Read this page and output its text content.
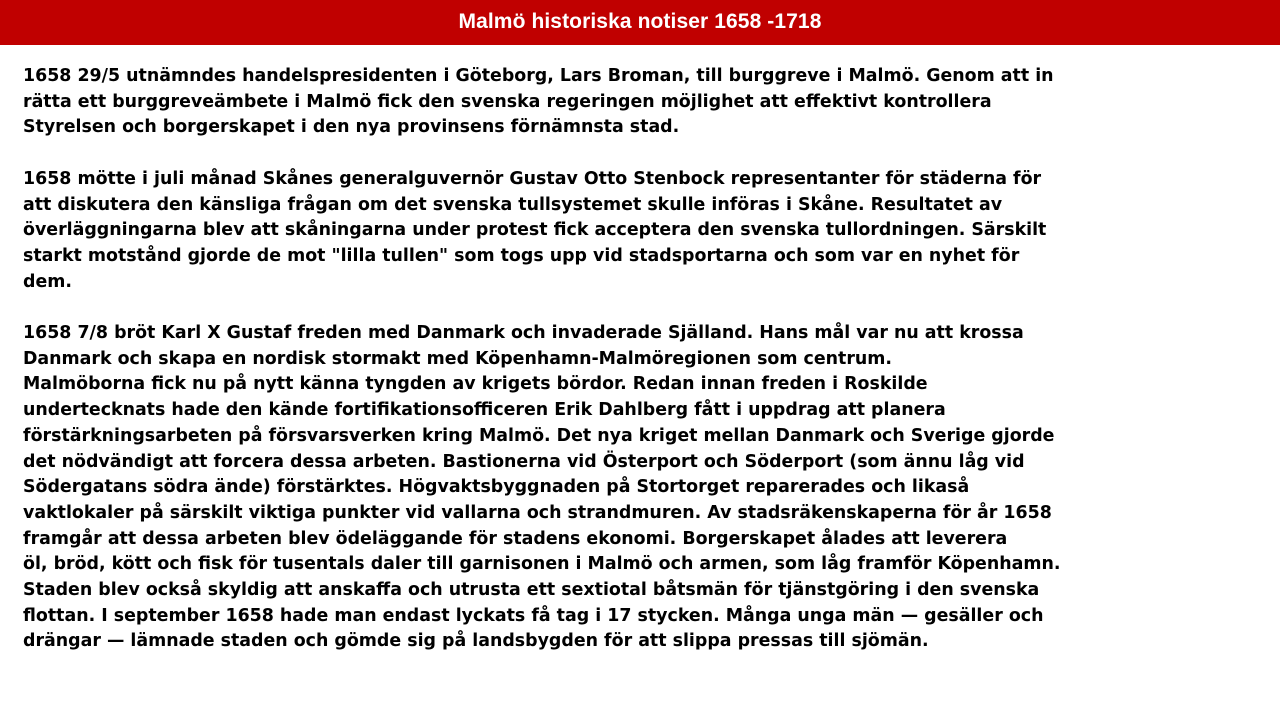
Malmö historiska notiser 1658 -1718

1658 29/5 utnämndes handelspresidenten i Göteborg, Lars Broman, till burggreve i Malmö. Genom att in

rätta ett burggreveämbete i Malmö fick den svenska regeringen möjlighet att effektivt kontrollera

Styrelsen och borgerskapet i den nya provinsens förnämnsta stad.

1658 mötte i juli månad Skånes generalguvernör Gustav Otto Stenbock representanter för städerna för

att diskutera den känsliga frågan om det svenska tullsystemet skulle införas i Skåne. Resultatet av

överläggningarna blev att skåningarna under protest fick acceptera den svenska tullordningen. Särskilt

starkt motstånd gjorde de mot "lilla tullen" som togs upp vid stadsportarna och som var en nyhet för

dem.

1658 7/8 bröt Karl X Gustaf freden med Danmark och invaderade Själland. Hans mål var nu att krossa

Danmark och skapa en nordisk stormakt med Köpenhamn-Malmöregionen som centrum.

Malmöborna fick nu på nytt känna tyngden av krigets bördor. Redan innan freden i Roskilde

undertecknats hade den kände fortifikationsofficeren Erik Dahlberg fått i uppdrag att planera

förstärkningsarbeten på försvarsverken kring Malmö. Det nya kriget mellan Danmark och Sverige gjorde

det nödvändigt att forcera dessa arbeten. Bastionerna vid Österport och Söderport (som ännu låg vid

Södergatans södra ände) förstärktes. Högvaktsbyggnaden på Stortorget reparerades och likaså

vaktlokaler på särskilt viktiga punkter vid vallarna och strandmuren. Av stadsräkenskaperna för år 1658

framgår att dessa arbeten blev ödeläggande för stadens ekonomi. Borgerskapet ålades att leverera

öl, bröd, kött och fisk för tusentals daler till garnisonen i Malmö och armen, som låg framför Köpenhamn.

Staden blev också skyldig att anskaffa och utrusta ett sextiotal båtsmän för tjänstgöring i den svenska

flottan. I september 1658 hade man endast lyckats få tag i 17 stycken. Många unga män — gesäller och

drängar — lämnade staden och gömde sig på landsbygden för att slippa pressas till sjömän.
